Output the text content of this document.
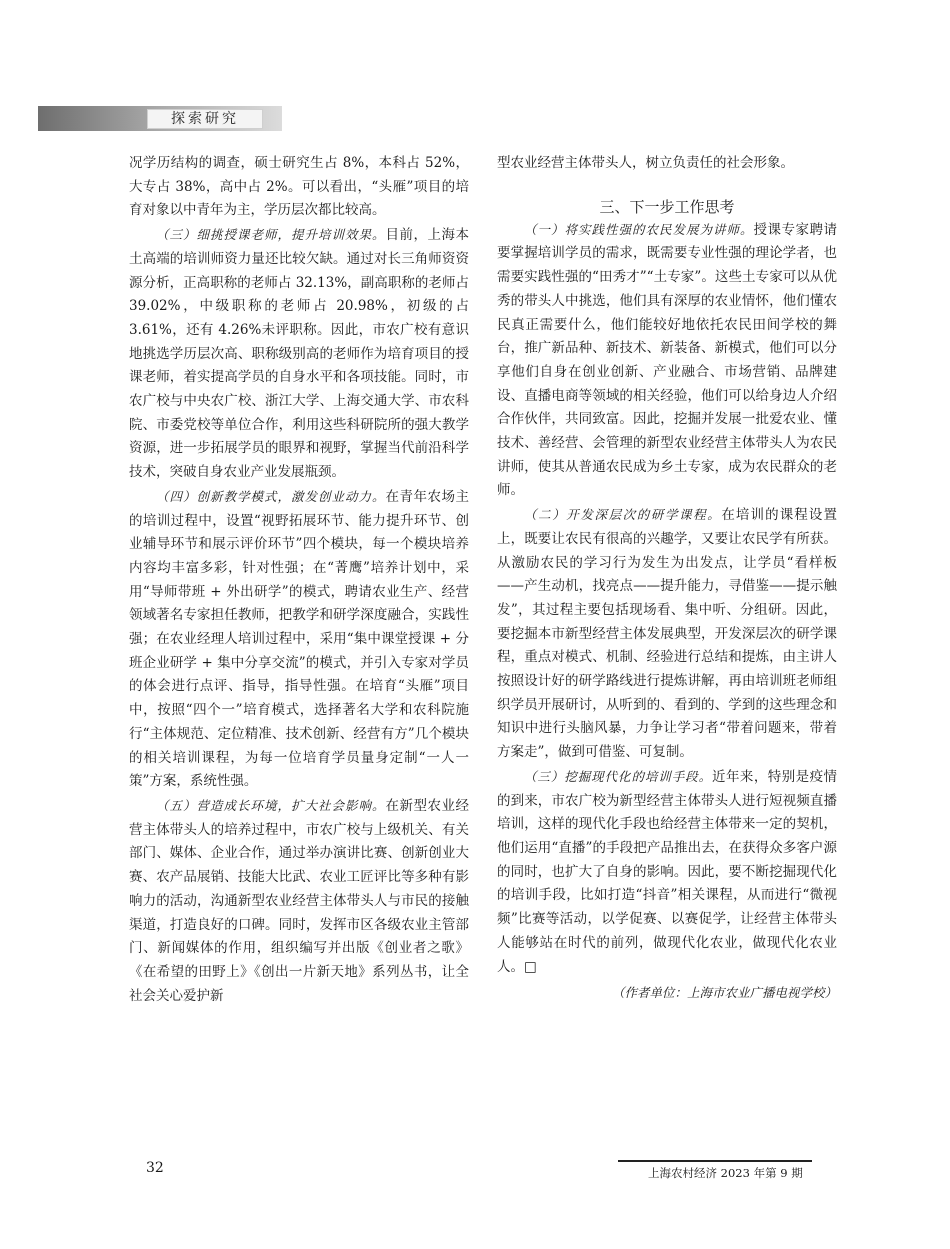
探索研究

况学历结构的调查，硕士研究生占 8%，本科占 52%，大专占 38%，高中占 2%。可以看出，“头雁”项目的培育对象以中青年为主，学历层次都比较高。

（三）细挑授课老师，提升培训效果。目前，上海本土高端的培训师资力量还比较欠缺。通过对长三角师资资源分析，正高职称的老师占 32.13%，副高职称的老师占 39.02%，中级职称的老师占 20.98%，初级的占 3.61%，还有 4.26%未评职称。因此，市农广校有意识地挑选学历层次高、职称级别高的老师作为培育项目的授课老师，着实提高学员的自身水平和各项技能。同时，市农广校与中央农广校、浙江大学、上海交通大学、市农科院、市委党校等单位合作，利用这些科研院所的强大教学资源，进一步拓展学员的眼界和视野，掌握当代前沿科学技术，突破自身农业产业发展瓶颈。

（四）创新教学模式，激发创业动力。在青年农场主的培训过程中，设置“视野拓展环节、能力提升环节、创业辅导环节和展示评价环节”四个模块，每一个模块培养内容均丰富多彩，针对性强；在“菁鹰”培养计划中，采用“导师带班 + 外出研学”的模式，聘请农业生产、经营领域著名专家担任教师，把教学和研学深度融合，实践性强；在农业经理人培训过程中，采用“集中课堂授课 + 分班企业研学 + 集中分享交流”的模式，并引入专家对学员的体会进行点评、指导，指导性强。在培育“头雁”项目中，按照“四个一”培育模式，选择著名大学和农科院施行“主体规范、定位精准、技术创新、经营有方”几个模块的相关培训课程，为每一位培育学员量身定制“一人一策”方案，系统性强。

（五）营造成长环境，扩大社会影响。在新型农业经营主体带头人的培养过程中，市农广校与上级机关、有关部门、媒体、企业合作，通过举办演讲比赛、创新创业大赛、农产品展销、技能大比武、农业工匠评比等多种有影响力的活动，沟通新型农业经营主体带头人与市民的接触渠道，打造良好的口碑。同时，发挥市区各级农业主管部门、新闻媒体的作用，组织编写并出版《创业者之歌》《在希望的田野上》《创出一片新天地》系列丛书，让全社会关心爱护新

型农业经营主体带头人，树立负责任的社会形象。

三、下一步工作思考

（一）将实践性强的农民发展为讲师。授课专家聘请要掌握培训学员的需求，既需要专业性强的理论学者，也需要实践性强的“田秀才”“土专家”。这些土专家可以从优秀的带头人中挑选，他们具有深厚的农业情怀，他们懂农民真正需要什么，他们能较好地依托农民田间学校的舞台，推广新品种、新技术、新装备、新模式，他们可以分享他们自身在创业创新、产业融合、市场营销、品牌建设、直播电商等领域的相关经验，他们可以给身边人介绍合作伙伴，共同致富。因此，挖掘并发展一批爱农业、懂技术、善经营、会管理的新型农业经营主体带头人为农民讲师，使其从普通农民成为乡土专家，成为农民群众的老师。

（二）开发深层次的研学课程。在培训的课程设置上，既要让农民有很高的兴趣学，又要让农民学有所获。从激励农民的学习行为发生为出发点，让学员“看样板——产生动机，找亮点——提升能力，寻借鉴——提示触发”，其过程主要包括现场看、集中听、分组研。因此，要挖掘本市新型经营主体发展典型，开发深层次的研学课程，重点对模式、机制、经验进行总结和提炼，由主讲人按照设计好的研学路线进行提炼讲解，再由培训班老师组织学员开展研讨，从听到的、看到的、学到的这些理念和知识中进行头脑风暴，力争让学习者“带着问题来，带着方案走”，做到可借鉴、可复制。

（三）挖掘现代化的培训手段。近年来，特别是疫情的到来，市农广校为新型经营主体带头人进行短视频直播培训，这样的现代化手段也给经营主体带来一定的契机，他们运用“直播”的手段把产品推出去，在获得众多客户源的同时，也扩大了自身的影响。因此，要不断挖掘现代化的培训手段，比如打造“抖音”相关课程，从而进行“微视频”比赛等活动，以学促赛、以赛促学，让经营主体带头人能够站在时代的前列，做现代化农业，做现代化农业人。□

（作者单位：上海市农业广播电视学校）
32	上海农村经济 2023 年第 9 期
